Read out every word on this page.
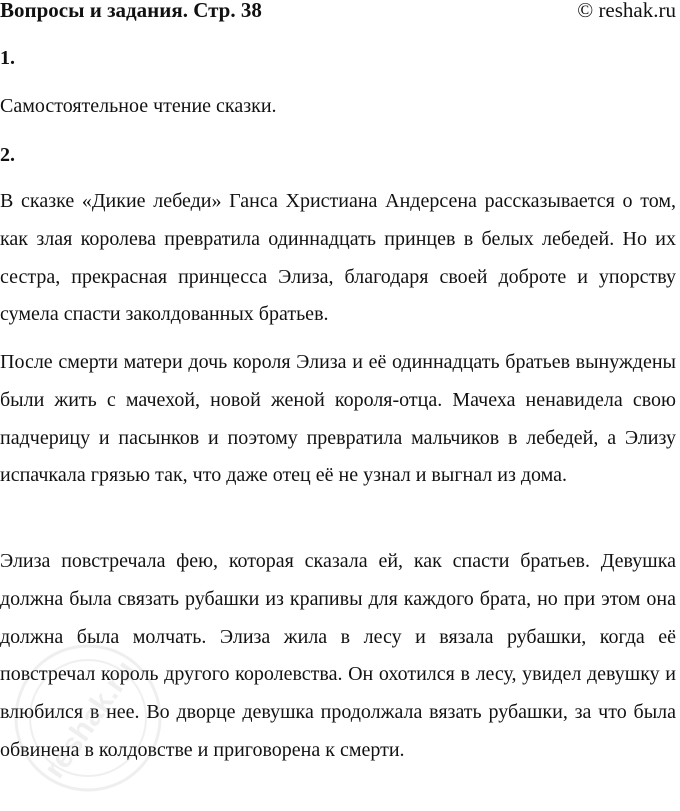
Вопросы и задания. Стр. 38	© reshak.ru
1.

Самостоятельное чтение сказки.

2.

В сказке «Дикие лебеди» Ганса Христиана Андерсена рассказывается о том, как злая королева превратила одиннадцать принцев в белых лебедей. Но их сестра, прекрасная принцесса Элиза, благодаря своей доброте и упорству сумела спасти заколдованных братьев.

После смерти матери дочь короля Элиза и её одиннадцать братьев вынуждены были жить с мачехой, новой женой короля-отца. Мачеха ненавидела свою падчерицу и пасынков и поэтому превратила мальчиков в лебедей, а Элизу испачкала грязью так, что даже отец её не узнал и выгнал из дома.

Элиза повстречала фею, которая сказала ей, как спасти братьев. Девушка должна была связать рубашки из крапивы для каждого брата, но при этом она должна была молчать. Элиза жила в лесу и вязала рубашки, когда её повстречал король другого королевства. Он охотился в лесу, увидел девушку и влюбился в нее. Во дворце девушка продолжала вязать рубашки, за что была обвинена в колдовстве и приговорена к смерти.

reshak.ru
